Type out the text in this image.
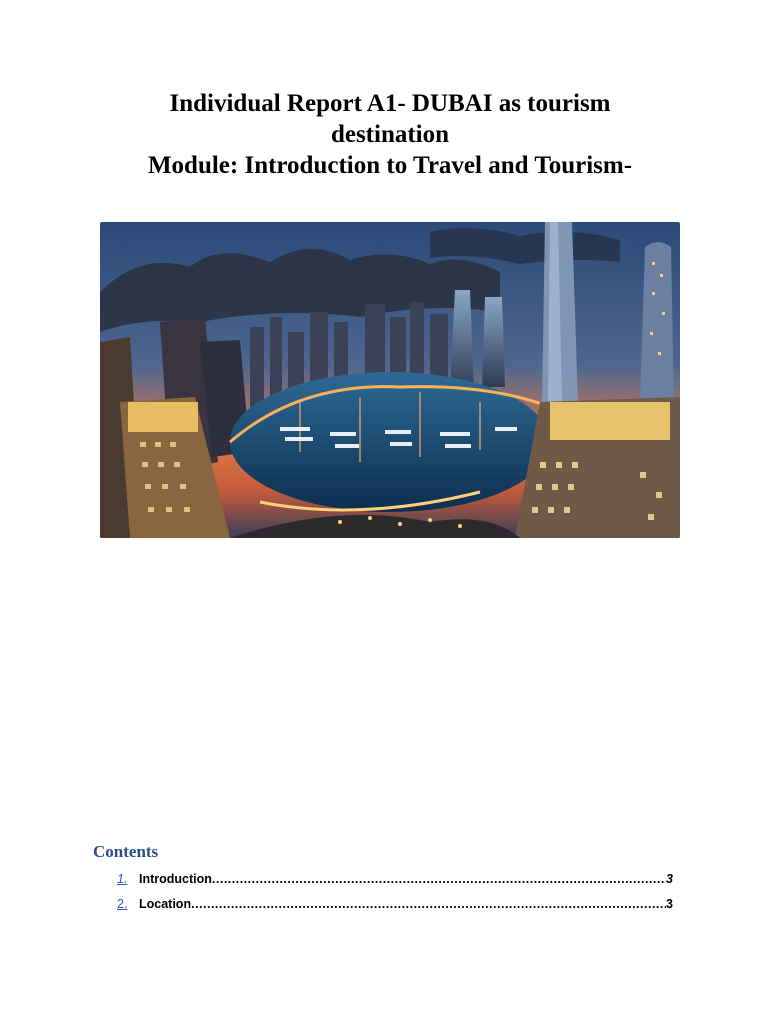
Individual Report A1- DUBAI as tourism
destination
Module: Introduction to Travel and Tourism-
Contents
1. Introduction .....	3
2. Location .....	3
